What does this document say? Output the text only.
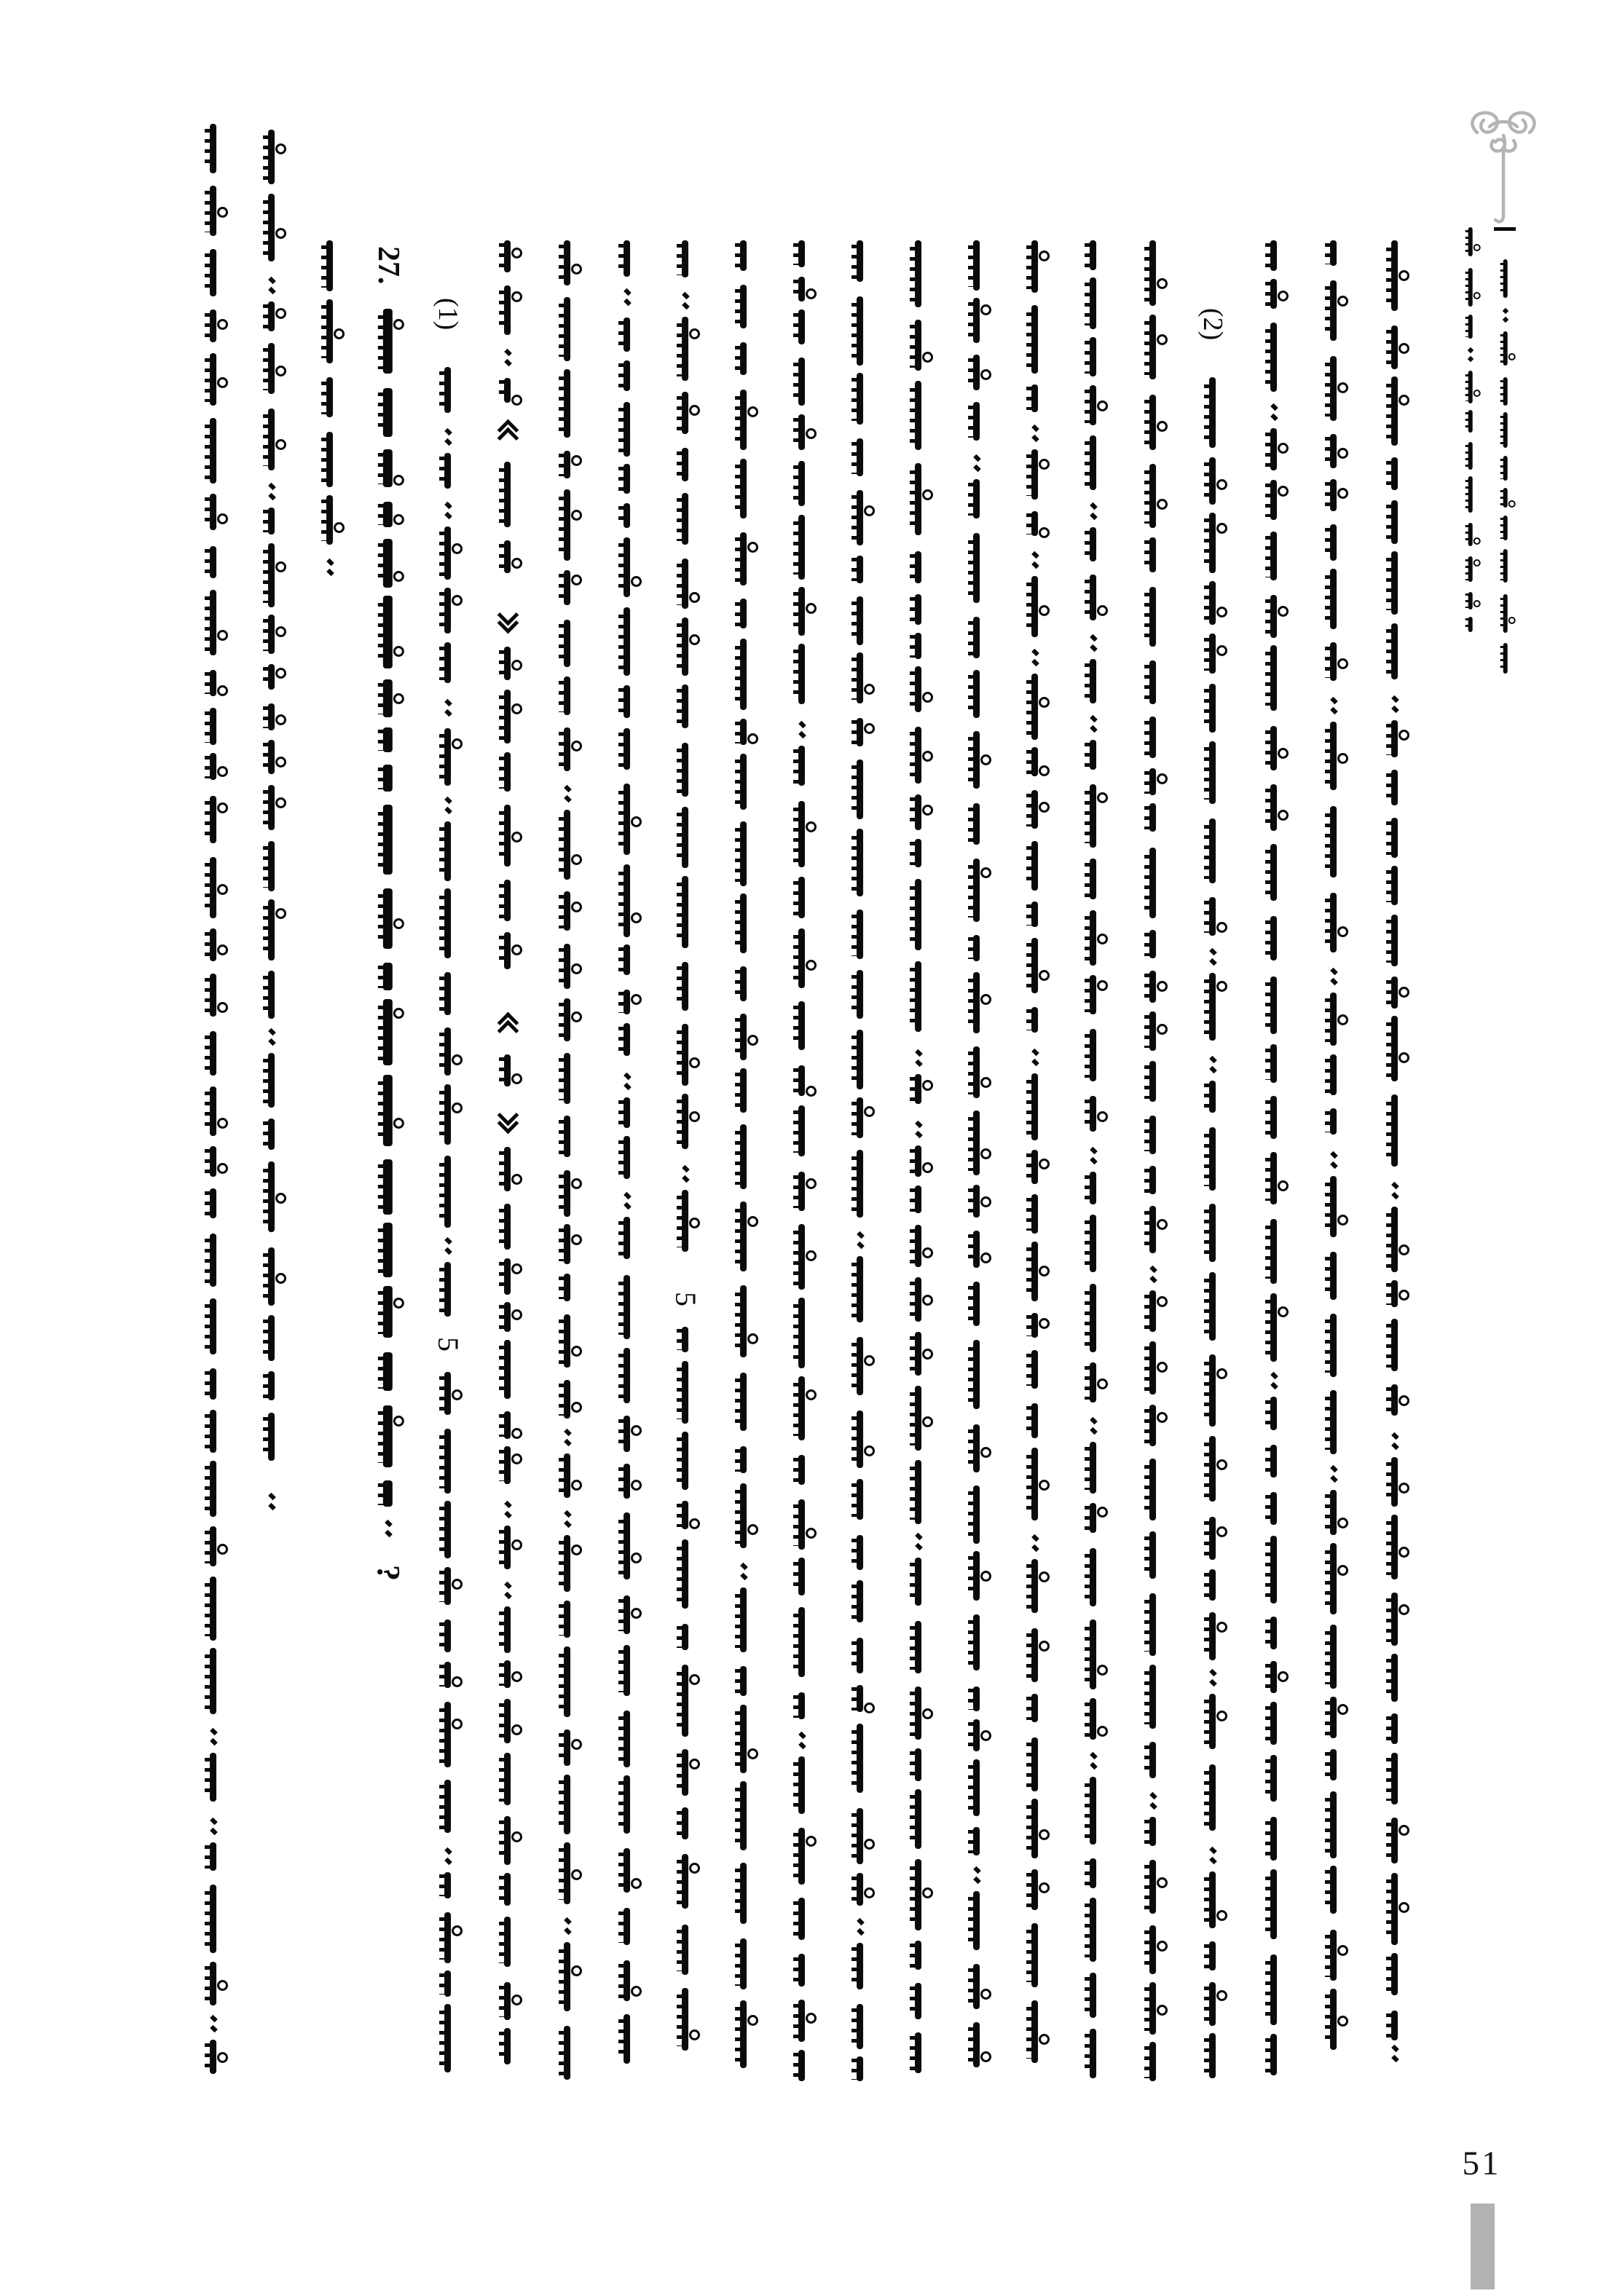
27.
?
(1)
5
5
(2)
51
